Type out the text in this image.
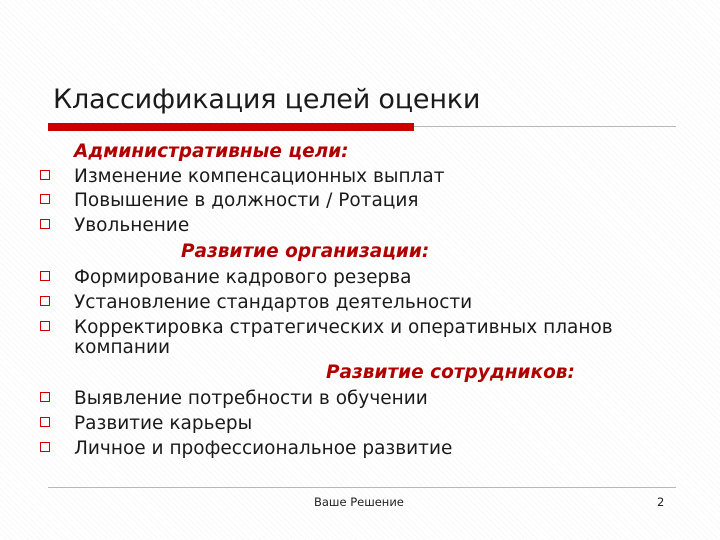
Классификация целей оценки
Административные цели:
Изменение компенсационных выплат
Повышение в должности / Ротация
Увольнение
Развитие организации:
Формирование кадрового резерва
Установление стандартов деятельности
Корректировка стратегических и оперативных планов
компании
Развитие сотрудников:
Выявление потребности в обучении
Развитие карьеры
Личное и профессиональное развитие
Ваше Решение	2
